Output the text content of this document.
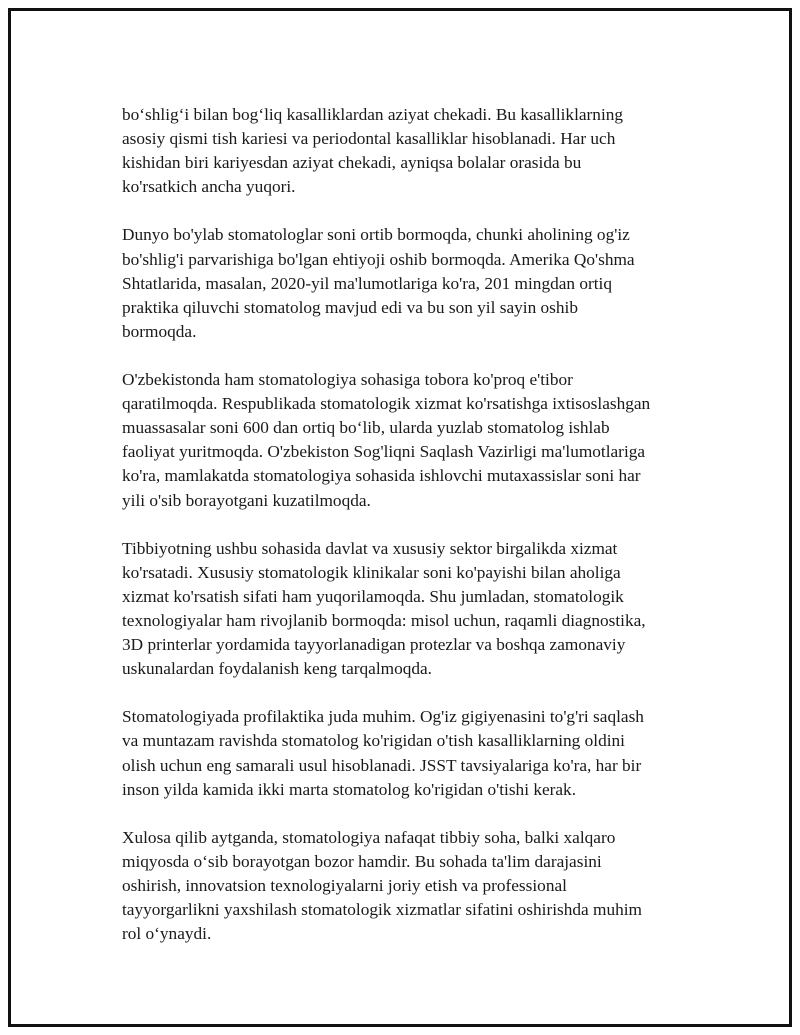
bo‘shlig‘i bilan bog‘liq kasalliklardan aziyat chekadi. Bu kasalliklarning
asosiy qismi tish kariesi va periodontal kasalliklar hisoblanadi. Har uch
kishidan biri kariyesdan aziyat chekadi, ayniqsa bolalar orasida bu
ko'rsatkich ancha yuqori.

Dunyo bo'ylab stomatologlar soni ortib bormoqda, chunki aholining og'iz
bo'shlig'i parvarishiga bo'lgan ehtiyoji oshib bormoqda. Amerika Qo'shma
Shtatlarida, masalan, 2020-yil ma'lumotlariga ko'ra, 201 mingdan ortiq
praktika qiluvchi stomatolog mavjud edi va bu son yil sayin oshib
bormoqda.

O'zbekistonda ham stomatologiya sohasiga tobora ko'proq e'tibor
qaratilmoqda. Respublikada stomatologik xizmat ko'rsatishga ixtisoslashgan
muassasalar soni 600 dan ortiq bo‘lib, ularda yuzlab stomatolog ishlab
faoliyat yuritmoqda. O'zbekiston Sog'liqni Saqlash Vazirligi ma'lumotlariga
ko'ra, mamlakatda stomatologiya sohasida ishlovchi mutaxassislar soni har
yili o'sib borayotgani kuzatilmoqda.

Tibbiyotning ushbu sohasida davlat va xususiy sektor birgalikda xizmat
ko'rsatadi. Xususiy stomatologik klinikalar soni ko'payishi bilan aholiga
xizmat ko'rsatish sifati ham yuqorilamoqda. Shu jumladan, stomatologik
texnologiyalar ham rivojlanib bormoqda: misol uchun, raqamli diagnostika,
3D printerlar yordamida tayyorlanadigan protezlar va boshqa zamonaviy
uskunalardan foydalanish keng tarqalmoqda.

Stomatologiyada profilaktika juda muhim. Og'iz gigiyenasini to'g'ri saqlash
va muntazam ravishda stomatolog ko'rigidan o'tish kasalliklarning oldini
olish uchun eng samarali usul hisoblanadi. JSST tavsiyalariga ko'ra, har bir
inson yilda kamida ikki marta stomatolog ko'rigidan o'tishi kerak.

Xulosa qilib aytganda, stomatologiya nafaqat tibbiy soha, balki xalqaro
miqyosda o‘sib borayotgan bozor hamdir. Bu sohada ta'lim darajasini
oshirish, innovatsion texnologiyalarni joriy etish va professional
tayyorgarlikni yaxshilash stomatologik xizmatlar sifatini oshirishda muhim
rol o‘ynaydi.
